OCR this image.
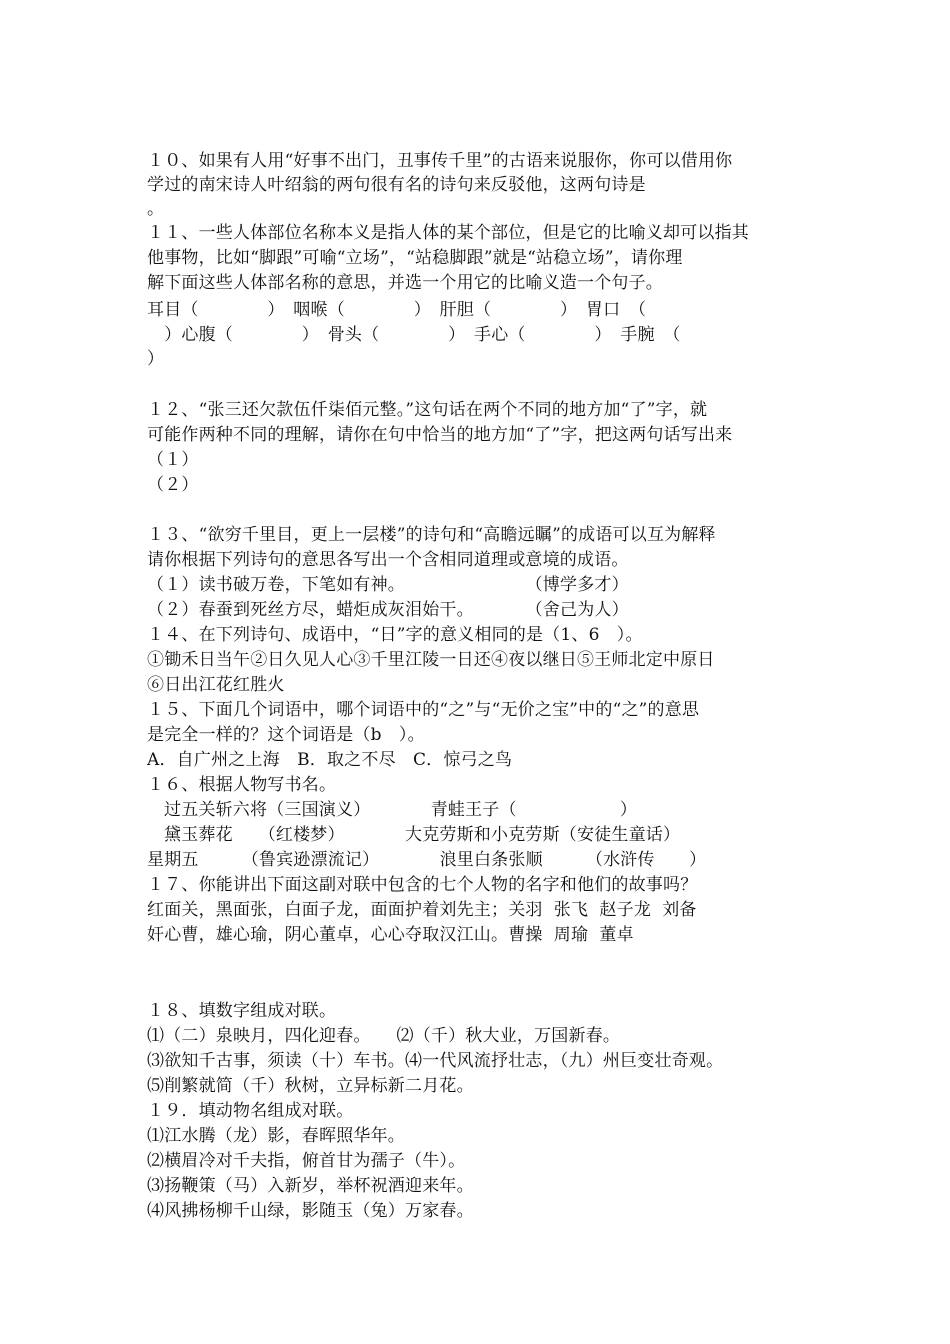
１０、如果有人用“好事不出门，丑事传千里”的古语来说服你，你可以借用你
学过的南宋诗人叶绍翁的两句很有名的诗句来反驳他，这两句诗是
。
１１、一些人体部位名称本义是指人体的某个部位，但是它的比喻义却可以指其
他事物，比如“脚跟”可喻“立场”，“站稳脚跟”就是“站稳立场”，请你理
解下面这些人体部名称的意思，并选一个用它的比喻义造一个句子。
耳目（　　　　）　咽喉（　　　　）　肝胆（　　　　）　胃口　（
　）心腹（　　　　）　骨头（　　　　）　手心（　　　　）　手腕　（
）
１２、“张三还欠款伍仟柒佰元整。”这句话在两个不同的地方加“了”字，就
可能作两种不同的理解，请你在句中恰当的地方加“了”字，把这两句话写出来
（１）
（２）
１３、“欲穷千里目，更上一层楼”的诗句和“高瞻远瞩”的成语可以互为解释
请你根据下列诗句的意思各写出一个含相同道理或意境的成语。
（１）读书破万卷，下笔如有神。　　　　　　　　（博学多才）
（２）春蚕到死丝方尽，蜡炬成灰泪始干。　　　　（舍己为人）
１４、在下列诗句、成语中，“日”字的意义相同的是（1、6　）。
①锄禾日当午②日久见人心③千里江陵一日还④夜以继日⑤王师北定中原日
⑥日出江花红胜火
１５、下面几个词语中，哪个词语中的“之”与“无价之宝”中的“之”的意思
是完全一样的？这个词语是（b　）。
A．自广州之上海　B．取之不尽　C．惊弓之鸟
１６、根据人物写书名。
过五关斩六将（三国演义）　　　　青蛙王子（　　　　　　）
黛玉葬花　　（红楼梦）　　　　大克劳斯和小克劳斯（安徒生童话）
星期五　　　（鲁宾逊漂流记）　　　　浪里白条张顺　　　（水浒传　　）
１７、你能讲出下面这副对联中包含的七个人物的名字和他们的故事吗？
红面关，黑面张，白面子龙，面面护着刘先主；关羽  张飞  赵子龙  刘备
奸心曹，雄心瑜，阴心董卓，心心夺取汉江山。曹操  周瑜  董卓
１８、填数字组成对联。
⑴（二）泉映月，四化迎春。　　⑵（千）秋大业，万国新春。
⑶欲知千古事，须读（十）车书。⑷一代风流抒壮志，（九）州巨变壮奇观。
⑸削繁就简（千）秋树，立异标新二月花。
１９．填动物名组成对联。
⑴江水腾（龙）影，春晖照华年。
⑵横眉冷对千夫指，俯首甘为孺子（牛）。
⑶扬鞭策（马）入新岁，举杯祝酒迎来年。
⑷风拂杨柳千山绿，影随玉（兔）万家春。
